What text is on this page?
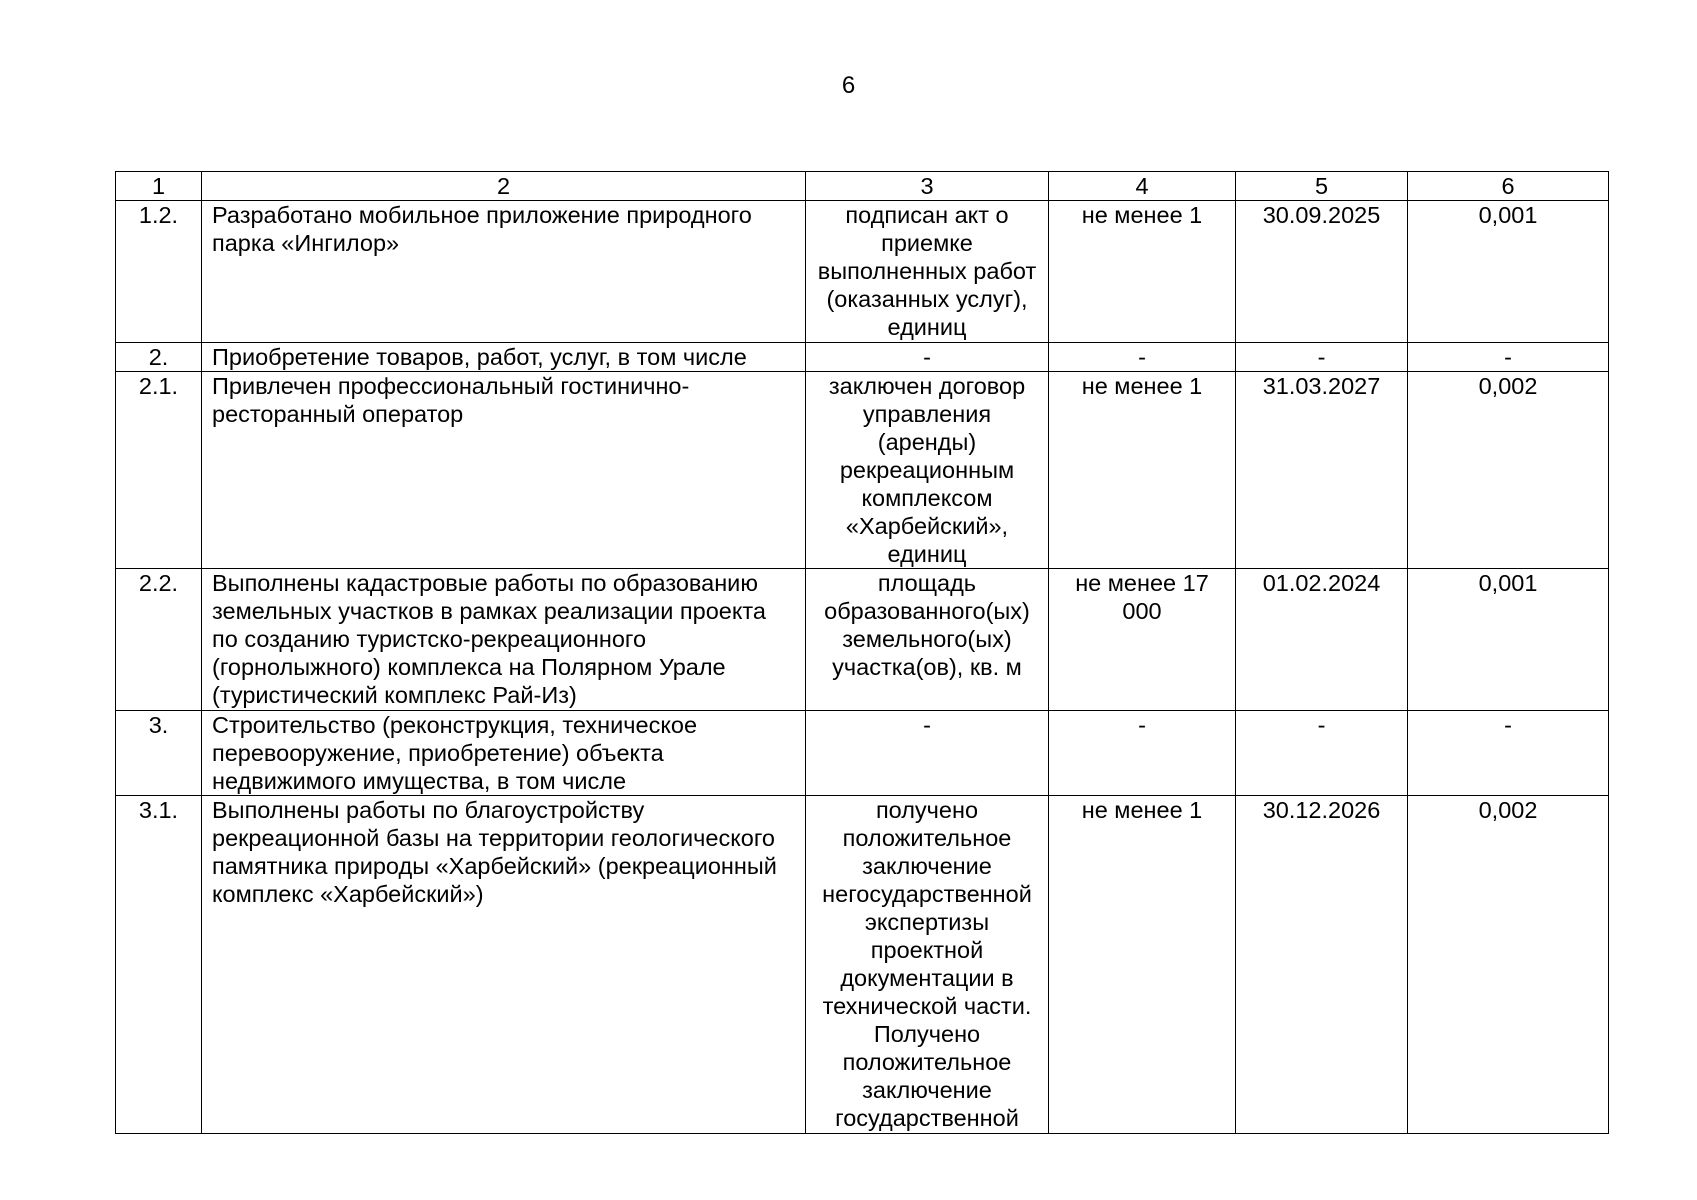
6
1	2	3	4	5	6
1.2.	Разработано мобильное приложение природного парка «Ингилор»	подписан акт о приемке выполненных работ (оказанных услуг), единиц	не менее 1	30.09.2025	0,001
2.	Приобретение товаров, работ, услуг, в том числе	-	-	-	-
2.1.	Привлечен профессиональный гостинично-ресторанный оператор	заключен договор управления (аренды) рекреационным комплексом «Харбейский», единиц	не менее 1	31.03.2027	0,002
2.2.	Выполнены кадастровые работы по образованию земельных участков в рамках реализации проекта по созданию туристско-рекреационного (горнолыжного) комплекса на Полярном Урале (туристический комплекс Рай-Из)	площадь образованного(ых) земельного(ых) участка(ов), кв. м	не менее 17 000	01.02.2024	0,001
3.	Строительство (реконструкция, техническое перевооружение, приобретение) объекта недвижимого имущества, в том числе	-	-	-	-
3.1.	Выполнены работы по благоустройству рекреационной базы на территории геологического памятника природы «Харбейский» (рекреационный комплекс «Харбейский»)	получено положительное заключение негосударственной экспертизы проектной документации в технической части. Получено положительное заключение государственной	не менее 1	30.12.2026	0,002
